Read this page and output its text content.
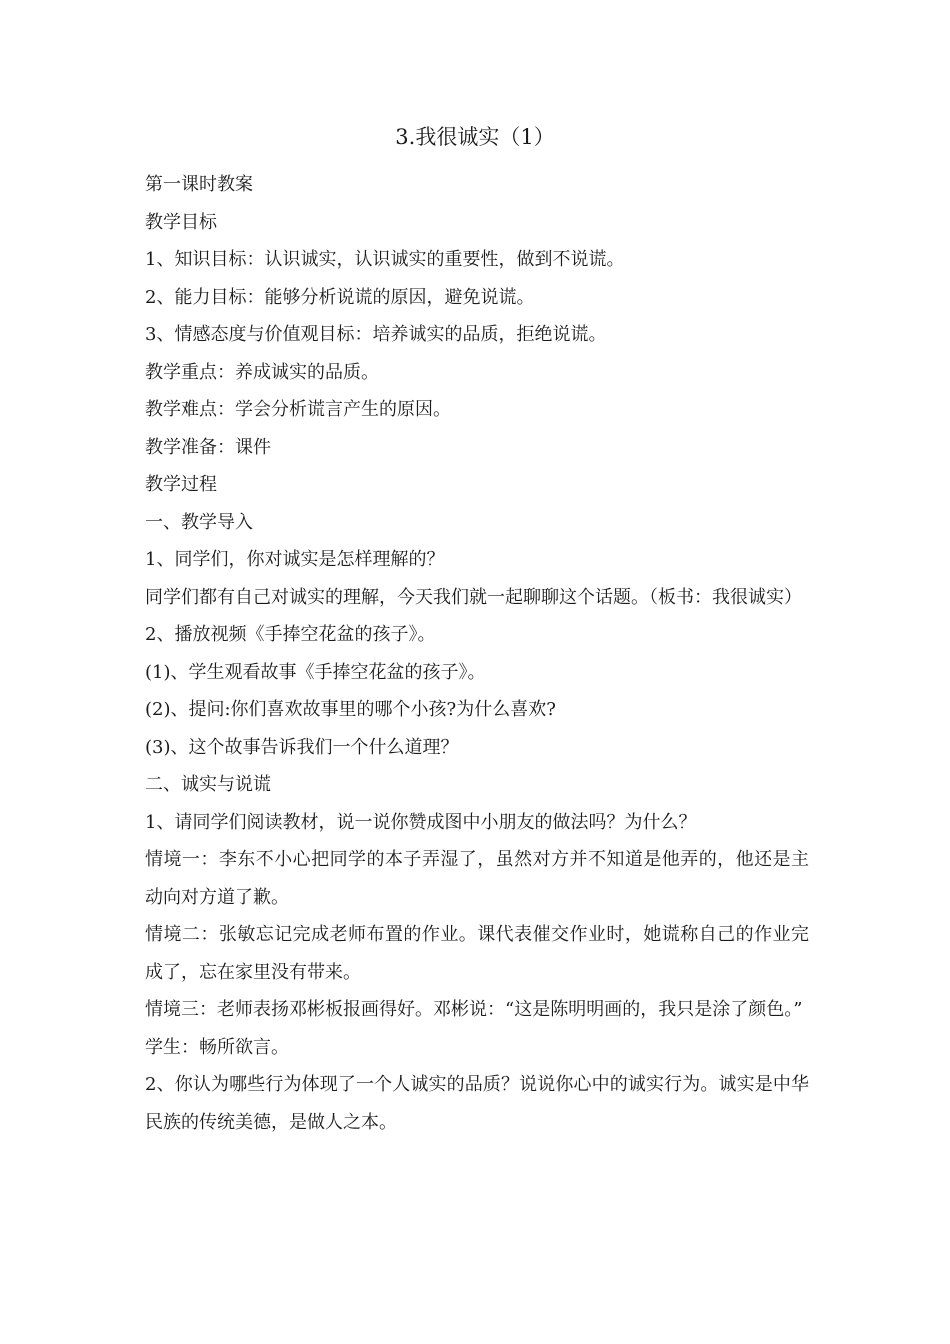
3.我很诚实（1）

第一课时教案

教学目标

1、知识目标：认识诚实，认识诚实的重要性，做到不说谎。

2、能力目标：能够分析说谎的原因，避免说谎。

3、情感态度与价值观目标：培养诚实的品质，拒绝说谎。

教学重点：养成诚实的品质。

教学难点：学会分析谎言产生的原因。

教学准备：课件

教学过程

一、教学导入

1、同学们，你对诚实是怎样理解的？

同学们都有自己对诚实的理解，今天我们就一起聊聊这个话题。（板书：我很诚实）

2、播放视频《手捧空花盆的孩子》。

(1)、学生观看故事《手捧空花盆的孩子》。

(2)、提问:你们喜欢故事里的哪个小孩?为什么喜欢?

(3)、这个故事告诉我们一个什么道理？

二、诚实与说谎

1、请同学们阅读教材，说一说你赞成图中小朋友的做法吗？为什么？

情境一：李东不小心把同学的本子弄湿了，虽然对方并不知道是他弄的，他还是主动向对方道了歉。

情境二：张敏忘记完成老师布置的作业。课代表催交作业时，她谎称自己的作业完成了，忘在家里没有带来。

情境三：老师表扬邓彬板报画得好。邓彬说：“这是陈明明画的，我只是涂了颜色。”

学生：畅所欲言。

2、你认为哪些行为体现了一个人诚实的品质？说说你心中的诚实行为。诚实是中华民族的传统美德，是做人之本。
